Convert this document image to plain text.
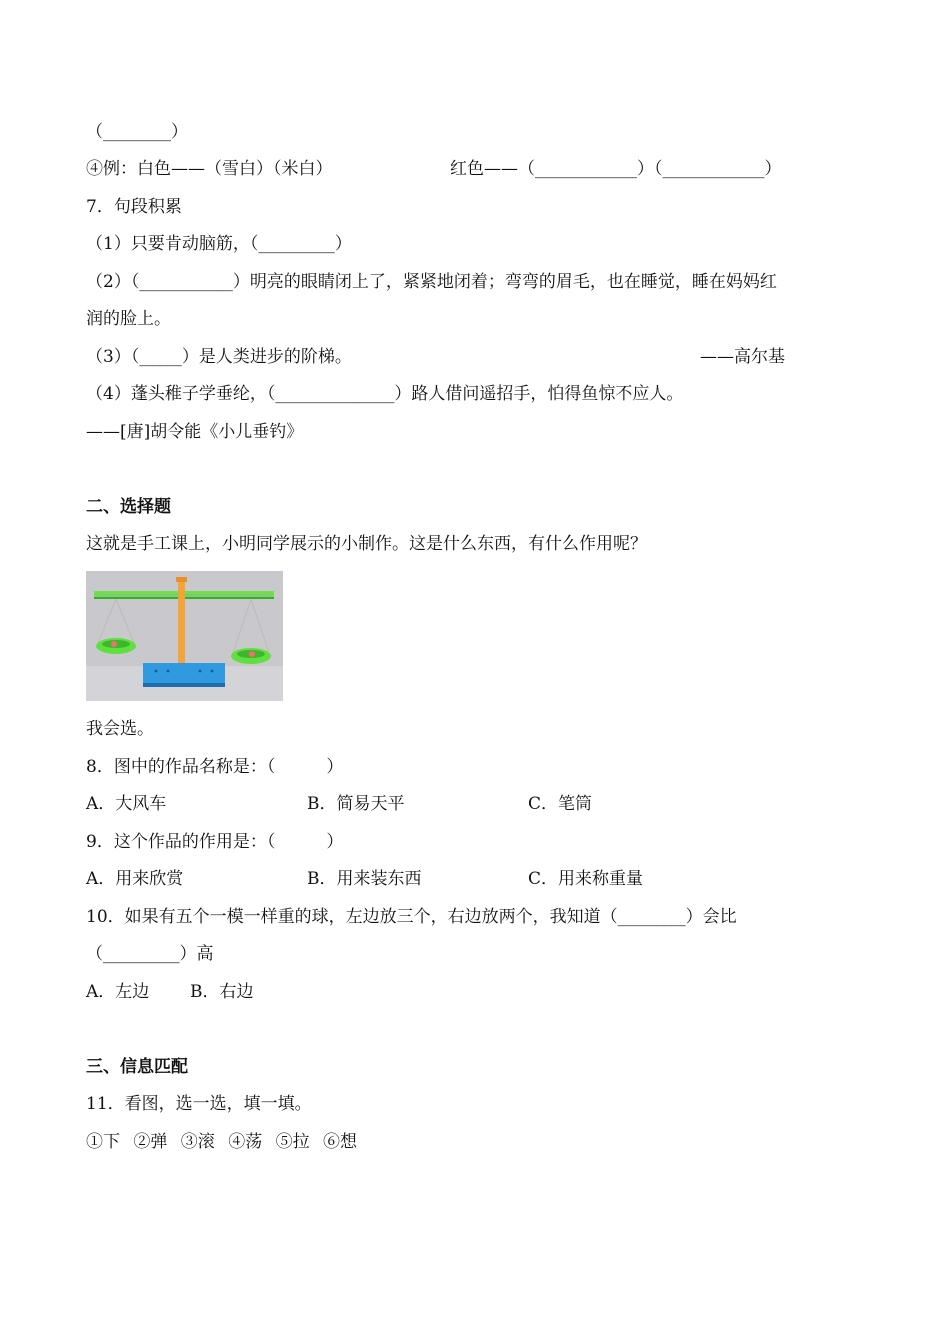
（________）

④例：白色——（雪白）（米白）	红色——（____________）（____________）

7．句段积累

（1）只要肯动脑筋，（_________）

（2）（___________）明亮的眼睛闭上了，紧紧地闭着；弯弯的眉毛，也在睡觉，睡在妈妈红

润的脸上。

（3）（_____）是人类进步的阶梯。	——高尔基

（4）蓬头稚子学垂纶，（______________）路人借问遥招手，怕得鱼惊不应人。

——[唐]胡令能《小儿垂钓》

二、选择题

这就是手工课上，小明同学展示的小制作。这是什么东西，有什么作用呢？

我会选。

8．图中的作品名称是：（　　　）

A．大风车	B．简易天平	C．笔筒

9．这个作品的作用是：（　　　）

A．用来欣赏	B．用来装东西	C．用来称重量

10．如果有五个一模一样重的球，左边放三个，右边放两个，我知道（________）会比

（_________）高

A．左边 B．右边

三、信息匹配

11．看图，选一选，填一填。

①下 ②弹 ③滚 ④荡 ⑤拉 ⑥想
